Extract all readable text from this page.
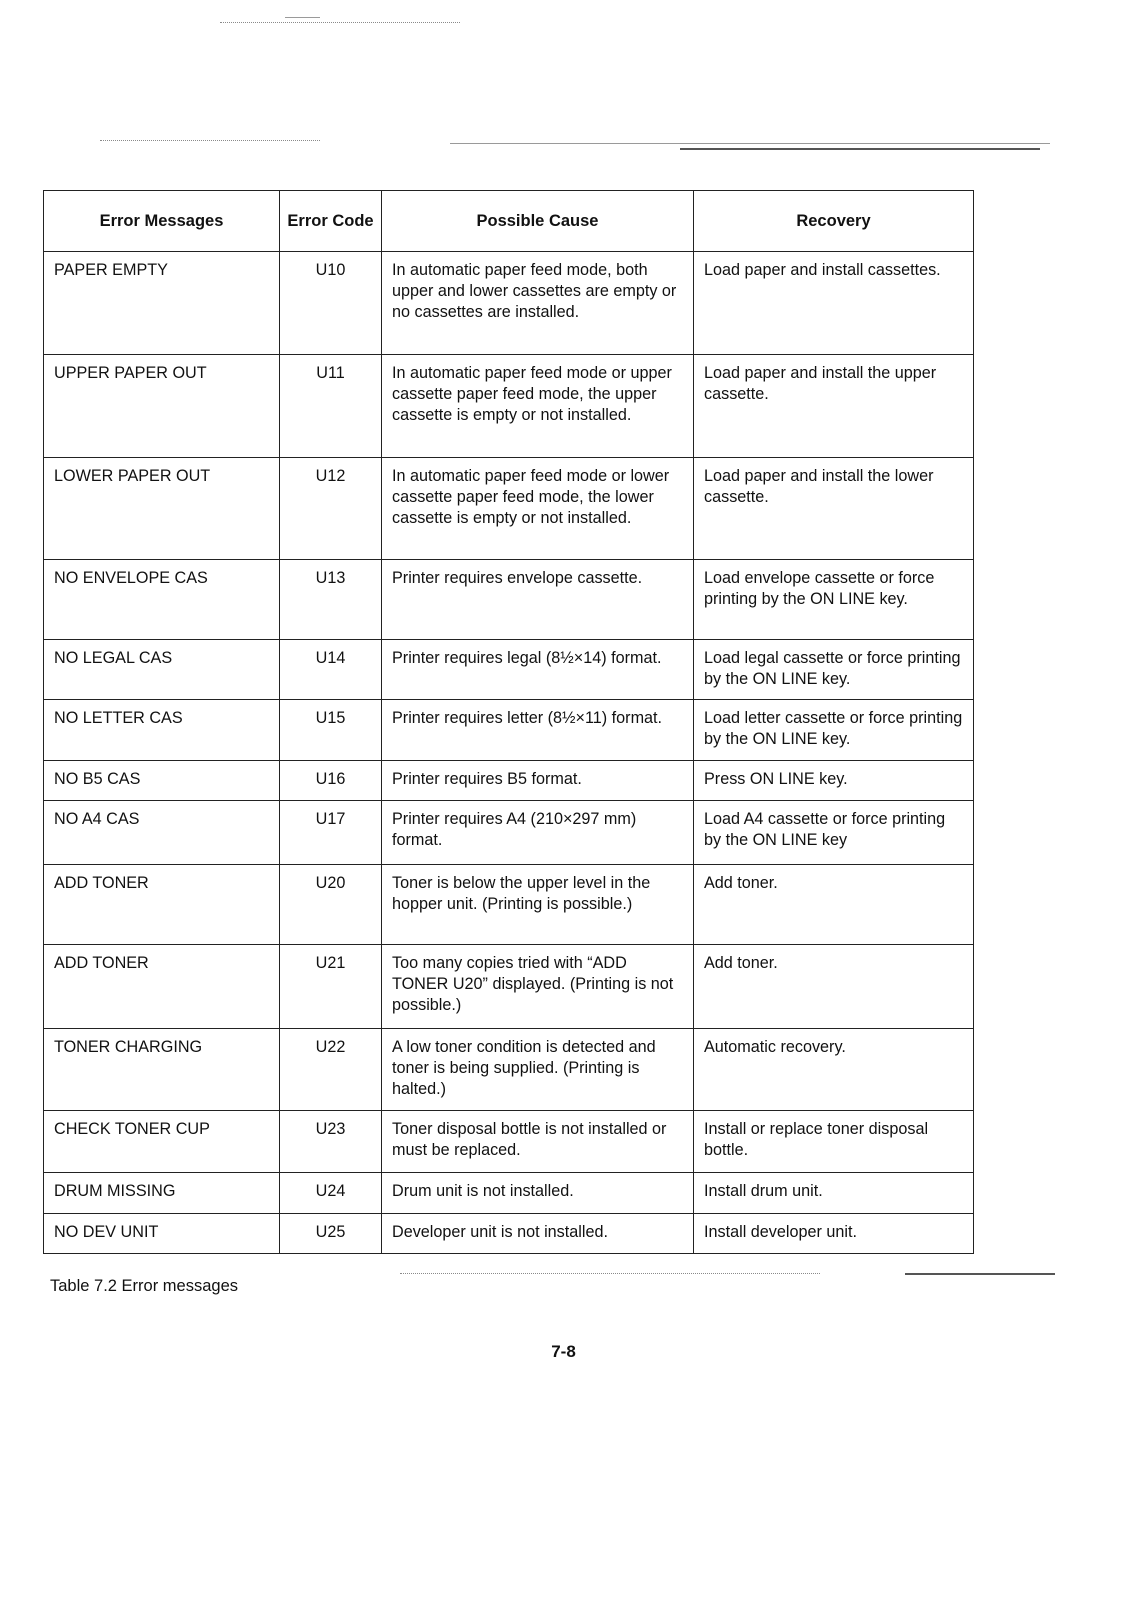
Error Messages	Error Code	Possible Cause	Recovery
PAPER EMPTY	U10	In automatic paper feed mode, both upper and lower cassettes are empty or no cassettes are installed.	Load paper and install cassettes.
UPPER PAPER OUT	U11	In automatic paper feed mode or upper cassette paper feed mode, the upper cassette is empty or not installed.	Load paper and install the upper cassette.
LOWER PAPER OUT	U12	In automatic paper feed mode or lower cassette paper feed mode, the lower cassette is empty or not installed.	Load paper and install the lower cassette.
NO ENVELOPE CAS	U13	Printer requires envelope cassette.	Load envelope cassette or force printing by the ON LINE key.
NO LEGAL CAS	U14	Printer requires legal (8½×14) format.	Load legal cassette or force printing by the ON LINE key.
NO LETTER CAS	U15	Printer requires letter (8½×11) format.	Load letter cassette or force printing by the ON LINE key.
NO B5 CAS	U16	Printer requires B5 format.	Press ON LINE key.
NO A4 CAS	U17	Printer requires A4 (210×297 mm) format.	Load A4 cassette or force printing by the ON LINE key
ADD TONER	U20	Toner is below the upper level in the hopper unit. (Printing is possible.)	Add toner.
ADD TONER	U21	Too many copies tried with “ADD TONER U20” displayed. (Printing is not possible.)	Add toner.
TONER CHARGING	U22	A low toner condition is detected and toner is being supplied. (Printing is halted.)	Automatic recovery.
CHECK TONER CUP	U23	Toner disposal bottle is not installed or must be replaced.	Install or replace toner disposal bottle.
DRUM MISSING	U24	Drum unit is not installed.	Install drum unit.
NO DEV UNIT	U25	Developer unit is not installed.	Install developer unit.
Table 7.2 Error messages
7-8
